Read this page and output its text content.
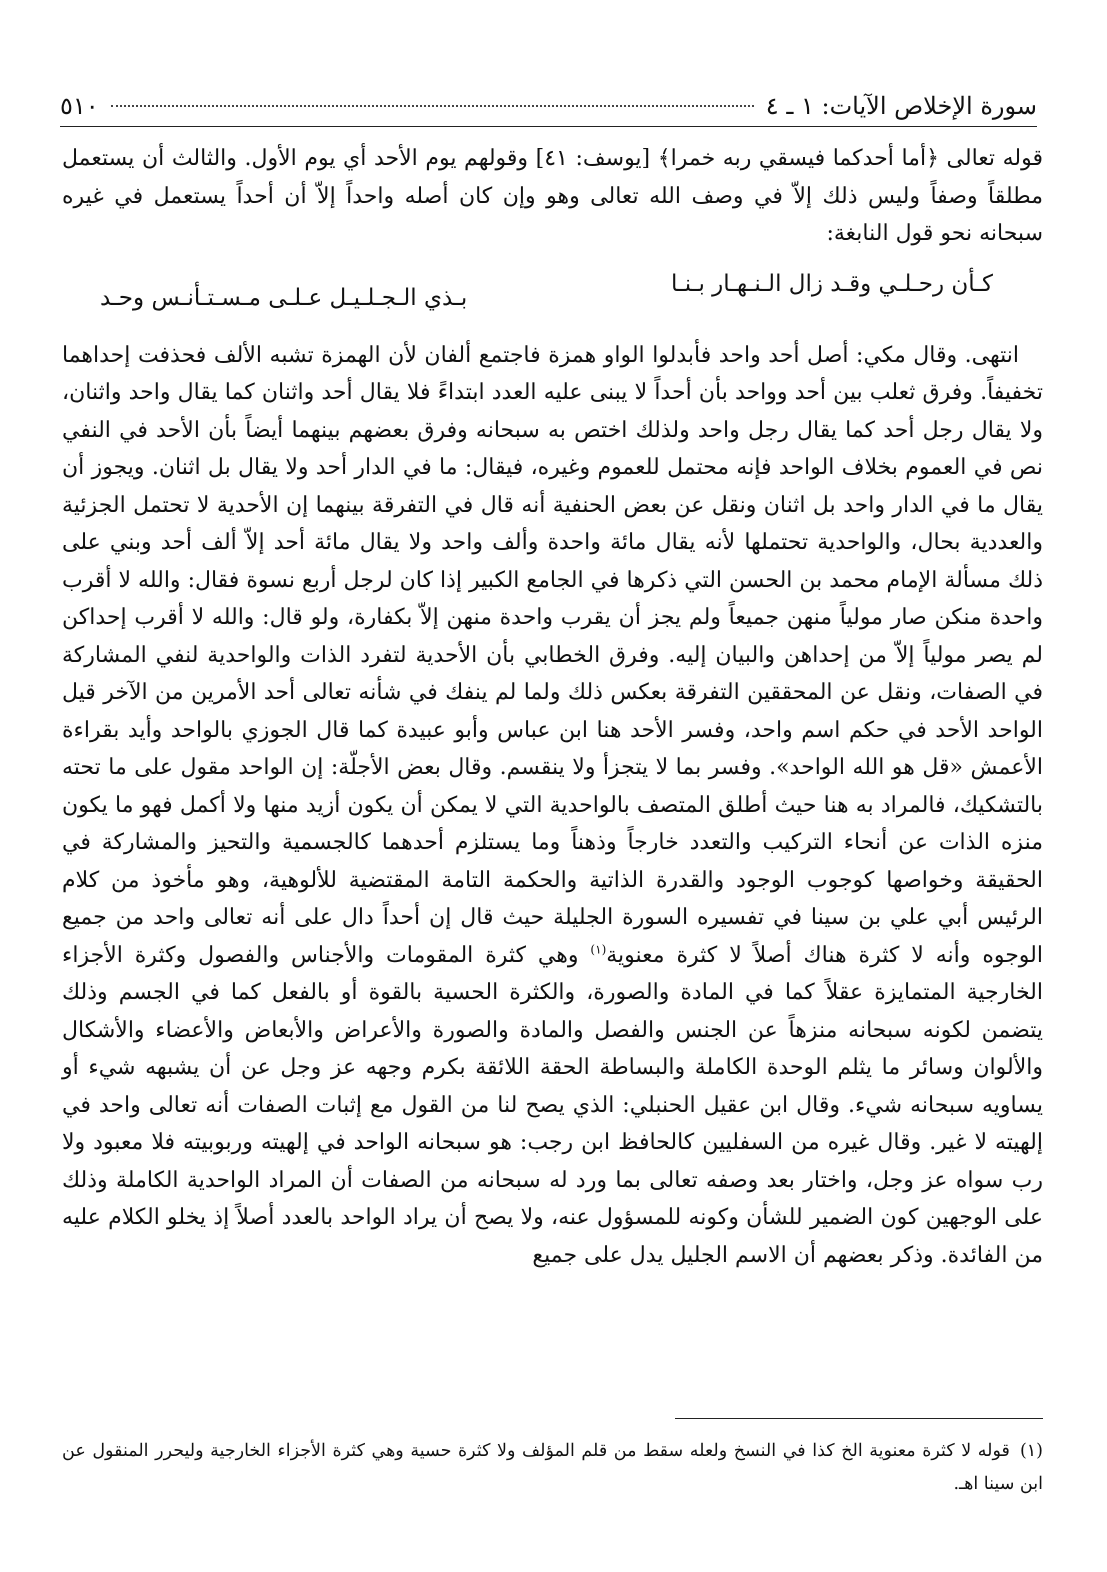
سورة الإخلاص الآيات: ١ ـ ٤
٥١٠

قوله تعالى ﴿أما أحدكما فيسقي ربه خمرا﴾ [يوسف: ٤١] وقولهم يوم الأحد أي يوم الأول. والثالث أن يستعمل مطلقاً وصفاً وليس ذلك إلاّ في وصف الله تعالى وهو وإن كان أصله واحداً إلاّ أن أحداً يستعمل في غيره سبحانه نحو قول النابغة:

كـأن رحـلـي وقـد زال الـنـهـار بـنـا
بـذي الـجـلـيـل عـلـى مـسـتـأنـس وحـد

انتهى. وقال مكي: أصل أحد واحد فأبدلوا الواو همزة فاجتمع ألفان لأن الهمزة تشبه الألف فحذفت إحداهما تخفيفاً. وفرق ثعلب بين أحد وواحد بأن أحداً لا يبنى عليه العدد ابتداءً فلا يقال أحد واثنان كما يقال واحد واثنان، ولا يقال رجل أحد كما يقال رجل واحد ولذلك اختص به سبحانه وفرق بعضهم بينهما أيضاً بأن الأحد في النفي نص في العموم بخلاف الواحد فإنه محتمل للعموم وغيره، فيقال: ما في الدار أحد ولا يقال بل اثنان. ويجوز أن يقال ما في الدار واحد بل اثنان ونقل عن بعض الحنفية أنه قال في التفرقة بينهما إن الأحدية لا تحتمل الجزئية والعددية بحال، والواحدية تحتملها لأنه يقال مائة واحدة وألف واحد ولا يقال مائة أحد إلاّ ألف أحد وبني على ذلك مسألة الإمام محمد بن الحسن التي ذكرها في الجامع الكبير إذا كان لرجل أربع نسوة فقال: والله لا أقرب واحدة منكن صار مولياً منهن جميعاً ولم يجز أن يقرب واحدة منهن إلاّ بكفارة، ولو قال: والله لا أقرب إحداكن لم يصر مولياً إلاّ من إحداهن والبيان إليه. وفرق الخطابي بأن الأحدية لتفرد الذات والواحدية لنفي المشاركة في الصفات، ونقل عن المحققين التفرقة بعكس ذلك ولما لم ينفك في شأنه تعالى أحد الأمرين من الآخر قيل الواحد الأحد في حكم اسم واحد، وفسر الأحد هنا ابن عباس وأبو عبيدة كما قال الجوزي بالواحد وأيد بقراءة الأعمش «قل هو الله الواحد». وفسر بما لا يتجزأ ولا ينقسم. وقال بعض الأجلّة: إن الواحد مقول على ما تحته بالتشكيك، فالمراد به هنا حيث أطلق المتصف بالواحدية التي لا يمكن أن يكون أزيد منها ولا أكمل فهو ما يكون منزه الذات عن أنحاء التركيب والتعدد خارجاً وذهناً وما يستلزم أحدهما كالجسمية والتحيز والمشاركة في الحقيقة وخواصها كوجوب الوجود والقدرة الذاتية والحكمة التامة المقتضية للألوهية، وهو مأخوذ من كلام الرئيس أبي علي بن سينا في تفسيره السورة الجليلة حيث قال إن أحداً دال على أنه تعالى واحد من جميع الوجوه وأنه لا كثرة هناك أصلاً لا كثرة معنوية$^{(١)}$ وهي كثرة المقومات والأجناس والفصول وكثرة الأجزاء الخارجية المتمايزة عقلاً كما في المادة والصورة، والكثرة الحسية بالقوة أو بالفعل كما في الجسم وذلك يتضمن لكونه سبحانه منزهاً عن الجنس والفصل والمادة والصورة والأعراض والأبعاض والأعضاء والأشكال والألوان وسائر ما يثلم الوحدة الكاملة والبساطة الحقة اللائقة بكرم وجهه عز وجل عن أن يشبهه شيء أو يساويه سبحانه شيء. وقال ابن عقيل الحنبلي: الذي يصح لنا من القول مع إثبات الصفات أنه تعالى واحد في إلهيته لا غير. وقال غيره من السفليين كالحافظ ابن رجب: هو سبحانه الواحد في إلهيته وربوبيته فلا معبود ولا رب سواه عز وجل، واختار بعد وصفه تعالى بما ورد له سبحانه من الصفات أن المراد الواحدية الكاملة وذلك على الوجهين كون الضمير للشأن وكونه للمسؤول عنه، ولا يصح أن يراد الواحد بالعدد أصلاً إذ يخلو الكلام عليه من الفائدة. وذكر بعضهم أن الاسم الجليل يدل على جميع

(١)قوله لا كثرة معنوية الخ كذا في النسخ ولعله سقط من قلم المؤلف ولا كثرة حسية وهي كثرة الأجزاء الخارجية وليحرر المنقول عن ابن سينا اهـ.
